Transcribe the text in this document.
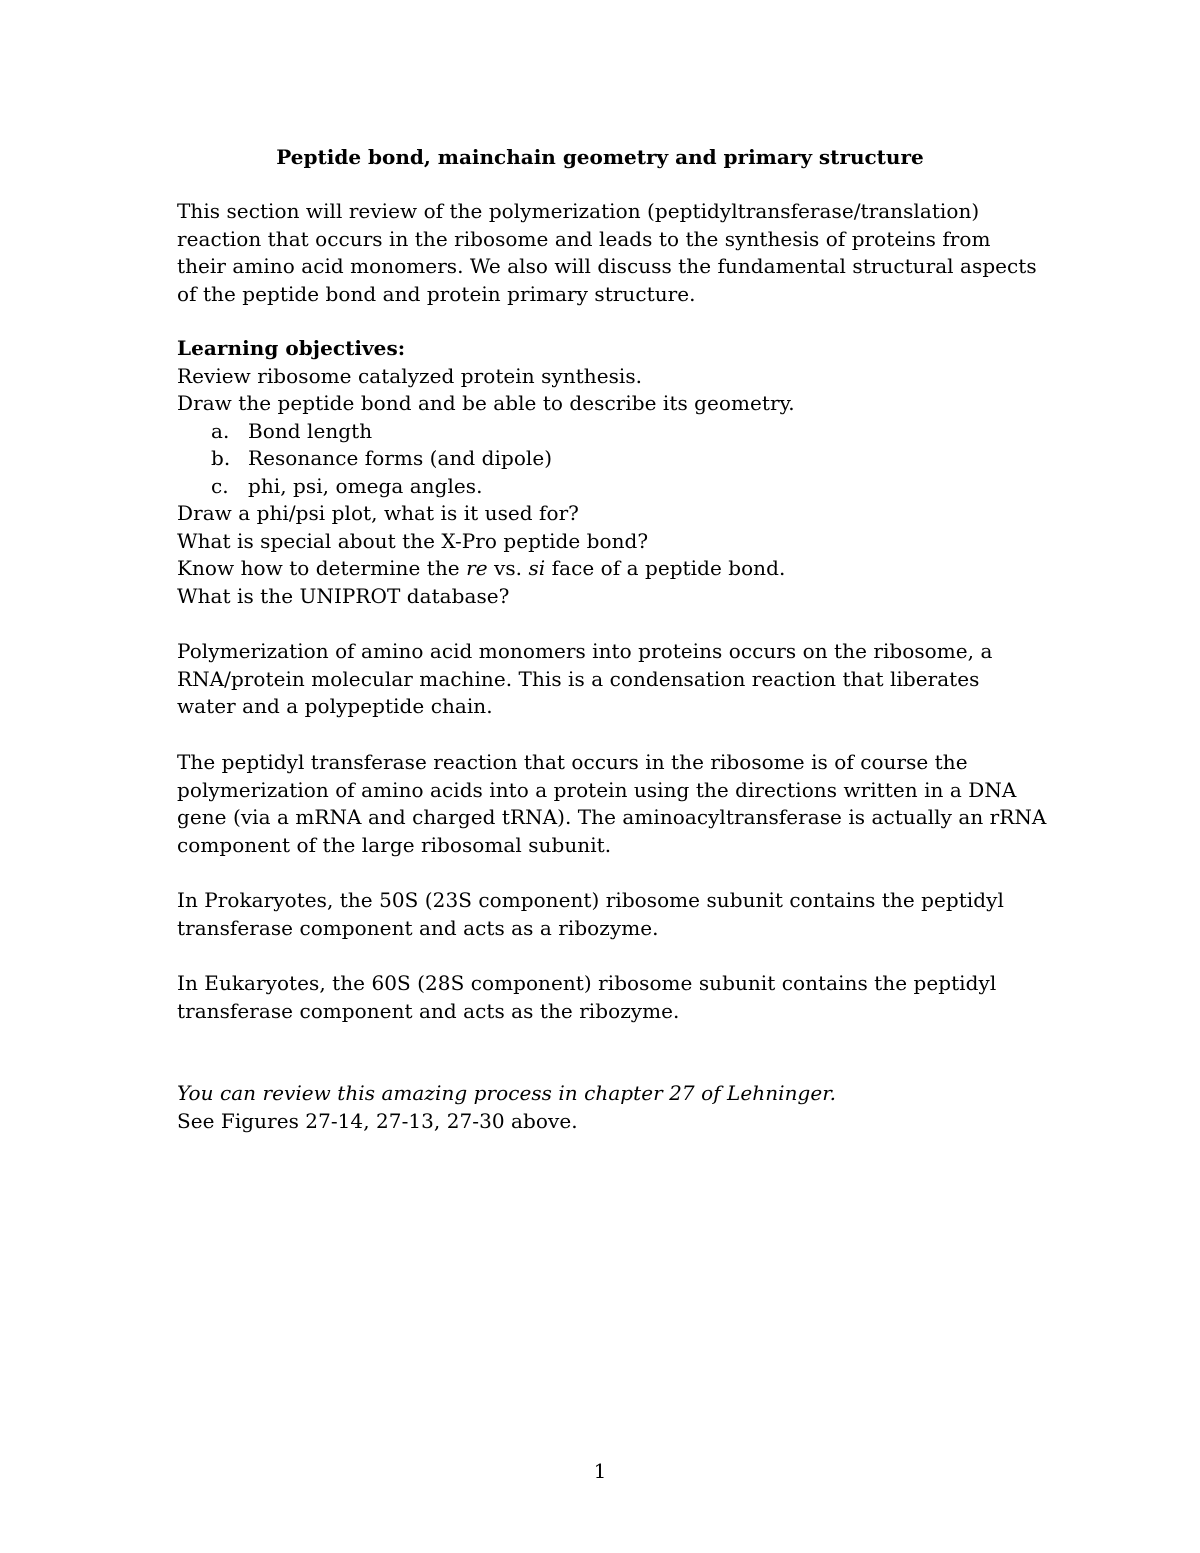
Peptide bond, mainchain geometry and primary structure
This section will review of the polymerization (peptidyltransferase/translation)
reaction that occurs in the ribosome and leads to the synthesis of proteins from
their amino acid monomers. We also will discuss the fundamental structural aspects
of the peptide bond and protein primary structure.
Learning objectives:
Review ribosome catalyzed protein synthesis.
Draw the peptide bond and be able to describe its geometry.
a. Bond length
b. Resonance forms (and dipole)
c. phi, psi, omega angles.
Draw a phi/psi plot, what is it used for?
What is special about the X-Pro peptide bond?
Know how to determine the re vs. si face of a peptide bond.
What is the UNIPROT database?
Polymerization of amino acid monomers into proteins occurs on the ribosome, a
RNA/protein molecular machine. This is a condensation reaction that liberates
water and a polypeptide chain.
The peptidyl transferase reaction that occurs in the ribosome is of course the
polymerization of amino acids into a protein using the directions written in a DNA
gene (via a mRNA and charged tRNA). The aminoacyltransferase is actually an rRNA
component of the large ribosomal subunit.
In Prokaryotes, the 50S (23S component) ribosome subunit contains the peptidyl
transferase component and acts as a ribozyme.
In Eukaryotes, the 60S (28S component) ribosome subunit contains the peptidyl
transferase component and acts as the ribozyme.
You can review this amazing process in chapter 27 of Lehninger.
See Figures 27-14, 27-13, 27-30 above.
1
